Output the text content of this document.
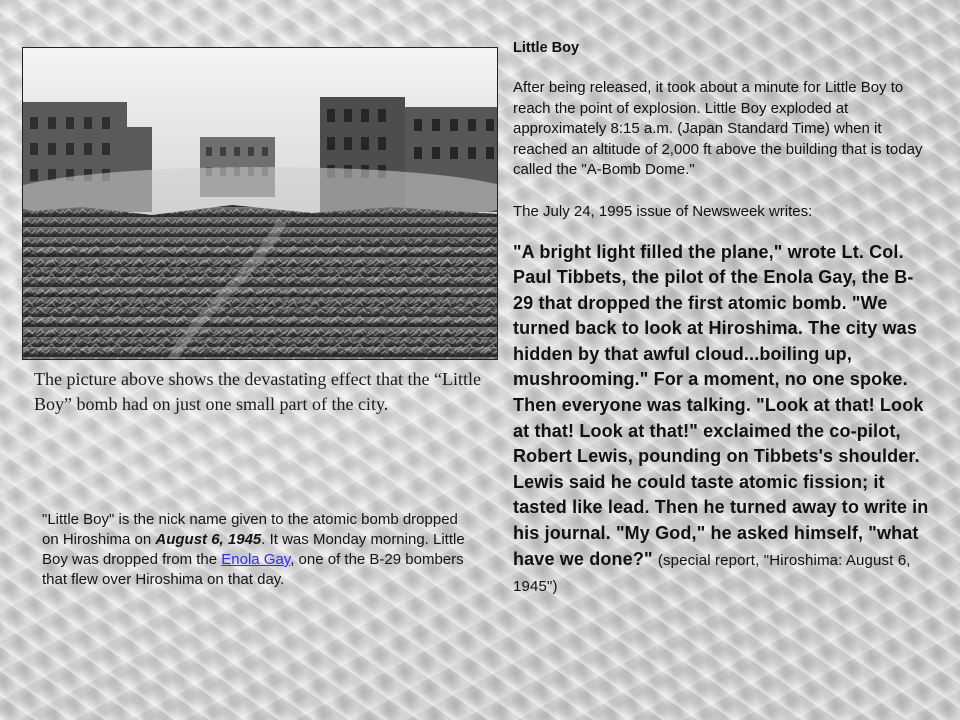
The picture above shows the devastating effect that the “Little Boy” bomb had on just one small part of the city.
"Little Boy" is the nick name given to the atomic bomb dropped on Hiroshima on August 6, 1945. It was Monday morning. Little Boy was dropped from the Enola Gay, one of the B-29 bombers that flew over Hiroshima on that day.

Little Boy

After being released, it took about a minute for Little Boy to reach the point of explosion. Little Boy exploded at approximately 8:15 a.m. (Japan Standard Time) when it reached an altitude of 2,000 ft above the building that is today called the "A-Bomb Dome."

The July 24, 1995 issue of Newsweek writes:

"A bright light filled the plane," wrote Lt. Col. Paul Tibbets, the pilot of the Enola Gay, the B-29 that dropped the first atomic bomb. "We turned back to look at Hiroshima. The city was hidden by that awful cloud...boiling up, mushrooming." For a moment, no one spoke. Then everyone was talking. "Look at that! Look at that! Look at that!" exclaimed the co-pilot, Robert Lewis, pounding on Tibbets's shoulder. Lewis said he could taste atomic fission; it tasted like lead. Then he turned away to write in his journal. "My God," he asked himself, "what have we done?" (special report, "Hiroshima: August 6, 1945")
